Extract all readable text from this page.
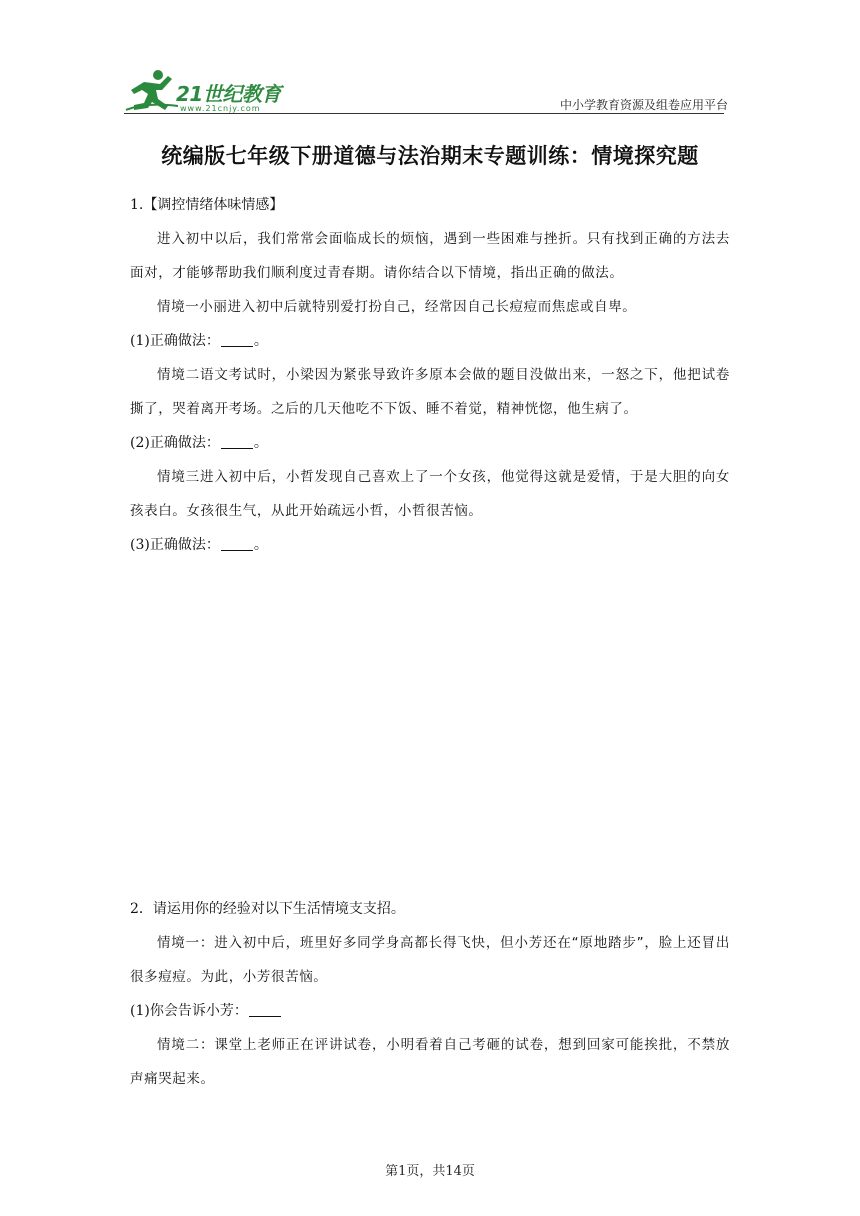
21世纪教育
www.21cnjy.com	中小学教育资源及组卷应用平台
统编版七年级下册道德与法治期末专题训练：情境探究题

1.【调控情绪体味情感】

进入初中以后，我们常常会面临成长的烦恼，遇到一些困难与挫折。只有找到正确的方法去面对，才能够帮助我们顺利度过青春期。请你结合以下情境，指出正确的做法。

情境一小丽进入初中后就特别爱打扮自己，经常因自己长痘痘而焦虑或自卑。

(1)正确做法： 。

情境二语文考试时，小梁因为紧张导致许多原本会做的题目没做出来，一怒之下，他把试卷撕了，哭着离开考场。之后的几天他吃不下饭、睡不着觉，精神恍惚，他生病了。

(2)正确做法： 。

情境三进入初中后，小哲发现自己喜欢上了一个女孩，他觉得这就是爱情，于是大胆的向女孩表白。女孩很生气，从此开始疏远小哲，小哲很苦恼。

(3)正确做法： 。

2．请运用你的经验对以下生活情境支支招。

情境一：进入初中后，班里好多同学身高都长得飞快，但小芳还在“原地踏步”，脸上还冒出很多痘痘。为此，小芳很苦恼。

(1)你会告诉小芳：

情境二：课堂上老师正在评讲试卷，小明看着自己考砸的试卷，想到回家可能挨批，不禁放声痛哭起来。

第1页，共14页
